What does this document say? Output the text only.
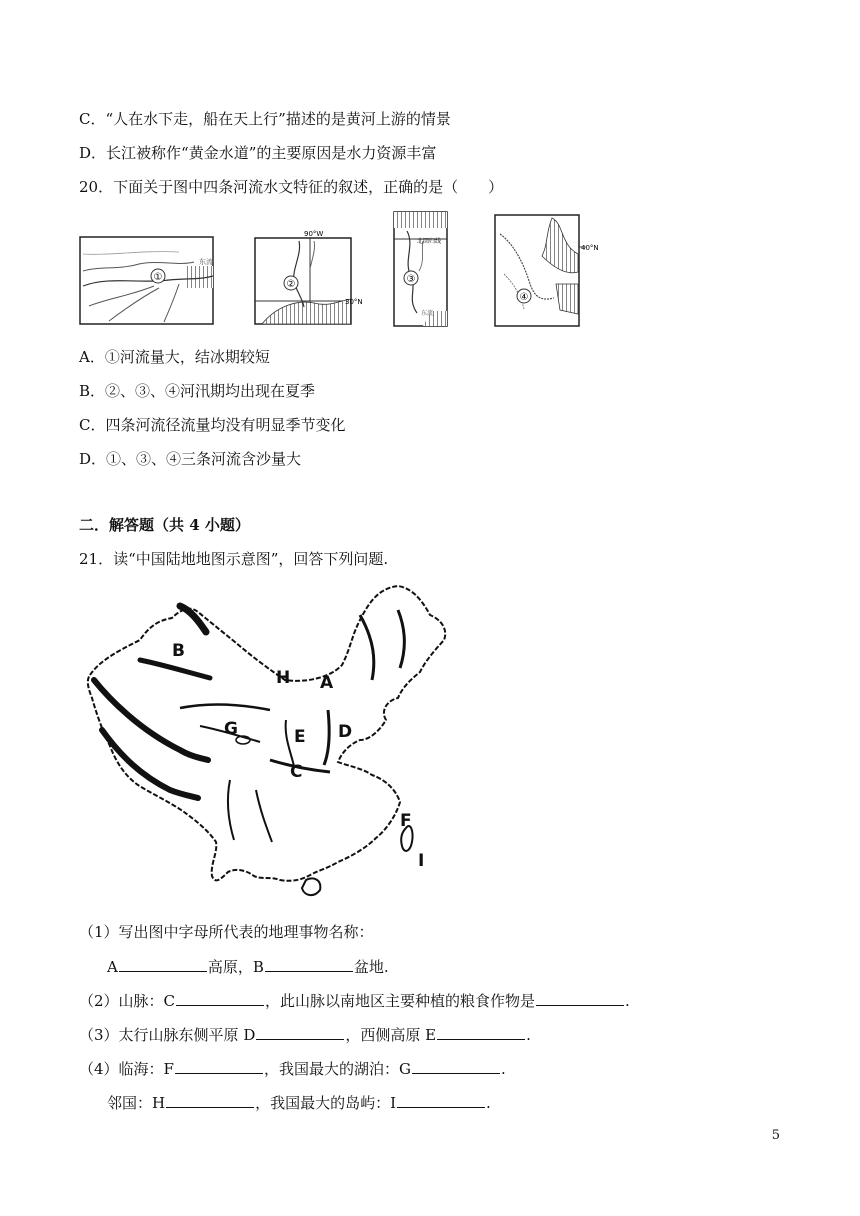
C．“人在水下走，船在天上行”描述的是黄河上游的情景
D．长江被称作“黄金水道”的主要原因是水力资源丰富
20．下面关于图中四条河流水文特征的叙述，正确的是（　　）
①
东流
②
90°W
30°N
③
北回归线
东流
④
40°N
A．①河流量大，结冰期较短
B．②、③、④河汛期均出现在夏季
C．四条河流径流量均没有明显季节变化
D．①、③、④三条河流含沙量大
二．解答题（共 4 小题）
21．读“中国陆地地图示意图”，回答下列问题.
B
H A
G	E D
C
F
I
（1）写出图中字母所代表的地理事物名称：
A	高原，B	盆地.
（2）山脉：C	，此山脉以南地区主要种植的粮食作物是	.
（3）太行山脉东侧平原 D	，西侧高原 E	.
（4）临海：F	，我国最大的湖泊：G	.
邻国：H	，我国最大的岛屿：I	.
5
